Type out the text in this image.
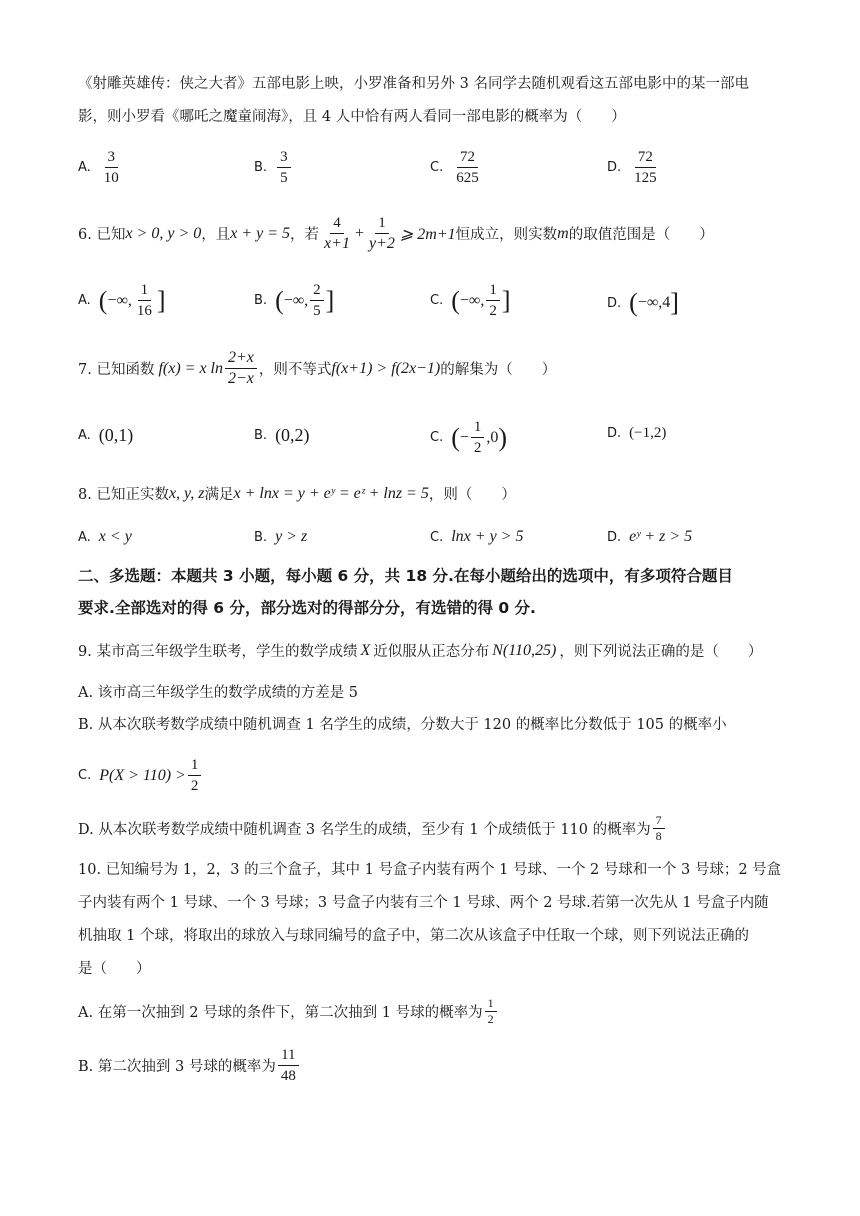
《射雕英雄传：侠之大者》五部电影上映，小罗准备和另外 3 名同学去随机观看这五部电影中的某一部电
影，则小罗看《哪吒之魔童闹海》，且 4 人中恰有两人看同一部电影的概率为（　　）
A. $\frac{3}{10}$	B. $\frac{3}{5}$	C. $\frac{72}{625}$	D. $\frac{72}{125}$
6. 已知 x > 0, y > 0 ，且 x + y = 5 ，若 $\frac{4}{x+1} + \frac{1}{y+2}$ ⩾ 2m+1 恒成立，则实数 m 的取值范围是（　　）
A. ( −∞, $\frac{1}{16}$ ]	B. ( −∞, $\frac{2}{5}$ ]	C. ( −∞, $\frac{1}{2}$ ]	D. ( −∞,4 ]
7. 已知函数 f(x) = x $\ln \frac{2+x}{2-x}$ ，则不等式 f(x+1) > f(2x−1) 的解集为（　　）
A. (0,1)	B. (0,2)	C. ( − $\frac{1}{2} ,0$ )	D. (−1,2)
8. 已知正实数 x, y, z 满足 x + lnx = y + eʸ = eᶻ + lnz = 5 ，则（　　）
A. x < y	B. y > z	C. lnx + y > 5	D. eʸ + z > 5
二、多选题：本题共 3 小题，每小题 6 分，共 18 分.在每小题给出的选项中，有多项符合题目
要求.全部选对的得 6 分，部分选对的得部分分，有选错的得 0 分.
9. 某市高三年级学生联考，学生的数学成绩 X 近似服从正态分布 N(110,25) ，则下列说法正确的是（　　）
A. 该市高三年级学生的数学成绩的方差是 5
B. 从本次联考数学成绩中随机调查 1 名学生的成绩，分数大于 120 的概率比分数低于 105 的概率小
C. $P(X > 110) > \frac{1}{2}$
D. 从本次联考数学成绩中随机调查 3 名学生的成绩，至少有 1 个成绩低于 110 的概率为 $\frac{7}{8}$
10. 已知编号为 1，2，3 的三个盒子，其中 1 号盒子内装有两个 1 号球、一个 2 号球和一个 3 号球；2 号盒
子内装有两个 1 号球、一个 3 号球；3 号盒子内装有三个 1 号球、两个 2 号球.若第一次先从 1 号盒子内随
机抽取 1 个球，将取出的球放入与球同编号的盒子中，第二次从该盒子中任取一个球，则下列说法正确的
是（　　）
A. 在第一次抽到 2 号球的条件下，第二次抽到 1 号球的概率为 $\frac{1}{2}$
B. 第二次抽到 3 号球的概率为 $\frac{11}{48}$
